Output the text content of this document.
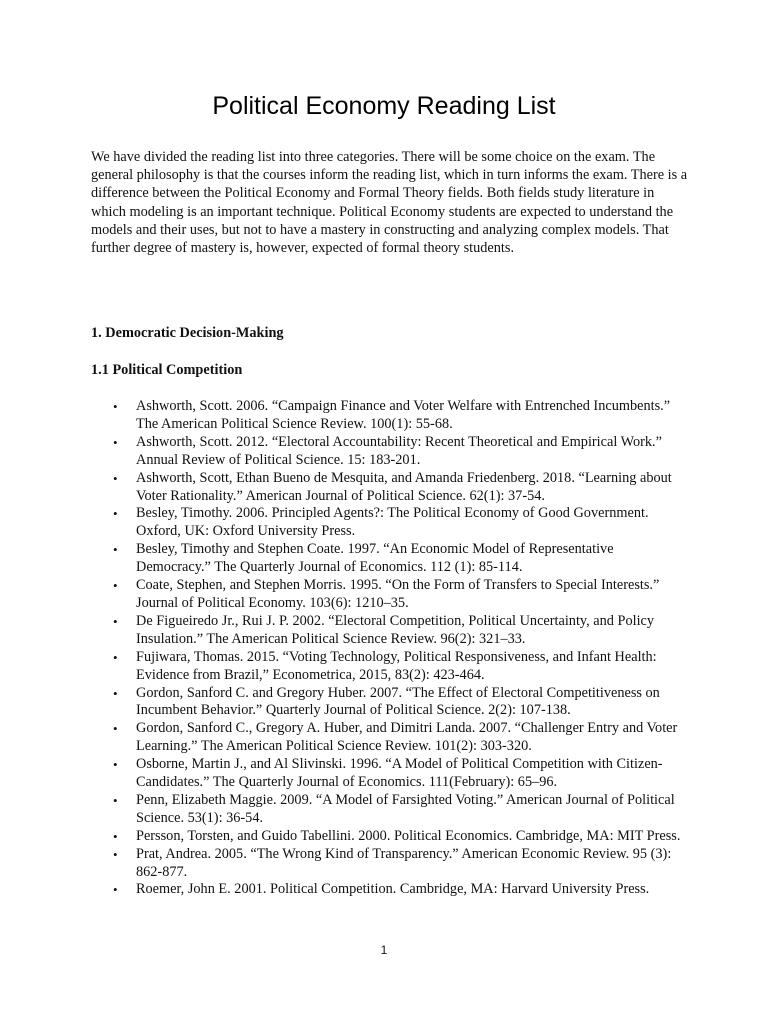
Political Economy Reading List

We have divided the reading list into three categories. There will be some choice on the exam. The general philosophy is that the courses inform the reading list, which in turn informs the exam. There is a difference between the Political Economy and Formal Theory fields. Both fields study literature in which modeling is an important technique. Political Economy students are expected to understand the models and their uses, but not to have a mastery in constructing and analyzing complex models. That further degree of mastery is, however, expected of formal theory students.

1. Democratic Decision-Making
1.1 Political Competition
• Ashworth, Scott. 2006. “Campaign Finance and Voter Welfare with Entrenched Incumbents.” The American Political Science Review. 100(1): 55-68.
• Ashworth, Scott. 2012. “Electoral Accountability: Recent Theoretical and Empirical Work.” Annual Review of Political Science. 15: 183-201.
• Ashworth, Scott, Ethan Bueno de Mesquita, and Amanda Friedenberg. 2018. “Learning about Voter Rationality.” American Journal of Political Science. 62(1): 37-54.
• Besley, Timothy. 2006. Principled Agents?: The Political Economy of Good Government. Oxford, UK: Oxford University Press.
• Besley, Timothy and Stephen Coate. 1997. “An Economic Model of Representative Democracy.” The Quarterly Journal of Economics. 112 (1): 85-114.
• Coate, Stephen, and Stephen Morris. 1995. “On the Form of Transfers to Special Interests.” Journal of Political Economy. 103(6): 1210–35.
• De Figueiredo Jr., Rui J. P. 2002. “Electoral Competition, Political Uncertainty, and Policy Insulation.” The American Political Science Review. 96(2): 321–33.
• Fujiwara, Thomas. 2015. “Voting Technology, Political Responsiveness, and Infant Health: Evidence from Brazil,” Econometrica, 2015, 83(2): 423-464.
• Gordon, Sanford C. and Gregory Huber. 2007. “The Effect of Electoral Competitiveness on Incumbent Behavior.” Quarterly Journal of Political Science. 2(2): 107-138.
• Gordon, Sanford C., Gregory A. Huber, and Dimitri Landa. 2007. “Challenger Entry and Voter Learning.” The American Political Science Review. 101(2): 303-320.
• Osborne, Martin J., and Al Slivinski. 1996. “A Model of Political Competition with Citizen-Candidates.” The Quarterly Journal of Economics. 111(February): 65–96.
• Penn, Elizabeth Maggie. 2009. “A Model of Farsighted Voting.” American Journal of Political Science. 53(1): 36-54.
• Persson, Torsten, and Guido Tabellini. 2000. Political Economics. Cambridge, MA: MIT Press.
• Prat, Andrea. 2005. “The Wrong Kind of Transparency.” American Economic Review. 95 (3): 862-877.
• Roemer, John E. 2001. Political Competition. Cambridge, MA: Harvard University Press.
1
